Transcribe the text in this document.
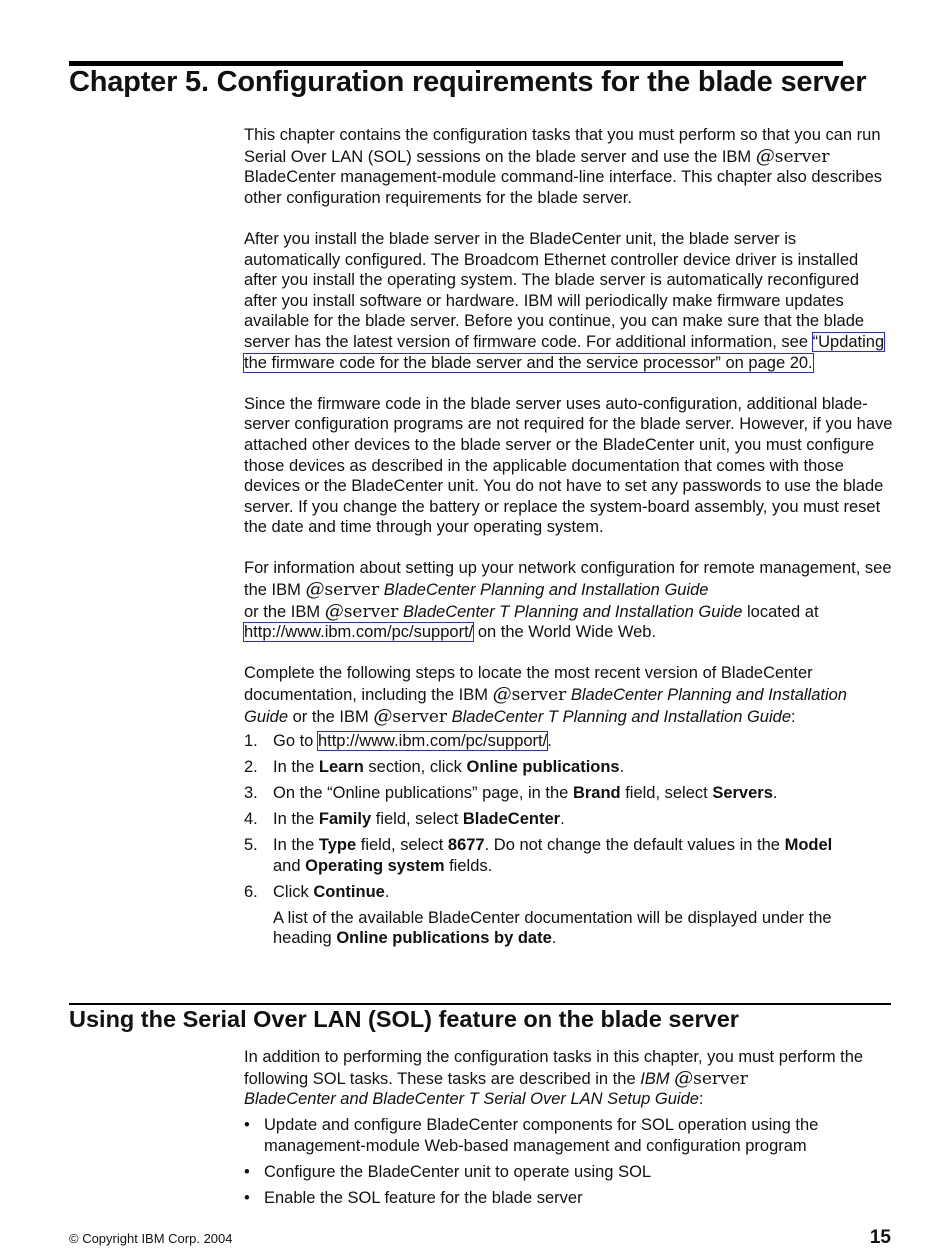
Chapter 5. Configuration requirements for the blade server

This chapter contains the configuration tasks that you must perform so that you can run Serial Over LAN (SOL) sessions on the blade server and use the IBM @server BladeCenter management-module command-line interface. This chapter also describes other configuration requirements for the blade server.

After you install the blade server in the BladeCenter unit, the blade server is automatically configured. The Broadcom Ethernet controller device driver is installed after you install the operating system. The blade server is automatically reconfigured after you install software or hardware. IBM will periodically make firmware updates available for the blade server. Before you continue, you can make sure that the blade server has the latest version of firmware code. For additional information, see “Updating the firmware code for the blade server and the service processor” on page 20.

Since the firmware code in the blade server uses auto-configuration, additional blade-server configuration programs are not required for the blade server. However, if you have attached other devices to the blade server or the BladeCenter unit, you must configure those devices as described in the applicable documentation that comes with those devices or the BladeCenter unit. You do not have to set any passwords to use the blade server. If you change the battery or replace the system-board assembly, you must reset the date and time through your operating system.

For information about setting up your network configuration for remote management, see the IBM @server BladeCenter Planning and Installation Guide
or the IBM @server BladeCenter T Planning and Installation Guide located at
http://www.ibm.com/pc/support/ on the World Wide Web.

Complete the following steps to locate the most recent version of BladeCenter documentation, including the IBM @server BladeCenter Planning and Installation Guide or the IBM @server BladeCenter T Planning and Installation Guide:

1. Go to http://www.ibm.com/pc/support/.
2. In the Learn section, click Online publications.
3. On the “Online publications” page, in the Brand field, select Servers.
4. In the Family field, select BladeCenter.
5. In the Type field, select 8677. Do not change the default values in the Model
and Operating system fields.
6. Click Continue.
A list of the available BladeCenter documentation will be displayed under the heading Online publications by date.
Using the Serial Over LAN (SOL) feature on the blade server

In addition to performing the configuration tasks in this chapter, you must perform the following SOL tasks. These tasks are described in the IBM @server
BladeCenter and BladeCenter T Serial Over LAN Setup Guide:

• Update and configure BladeCenter components for SOL operation using the management-module Web-based management and configuration program
• Configure the BladeCenter unit to operate using SOL
• Enable the SOL feature for the blade server
© Copyright IBM Corp. 2004	15
